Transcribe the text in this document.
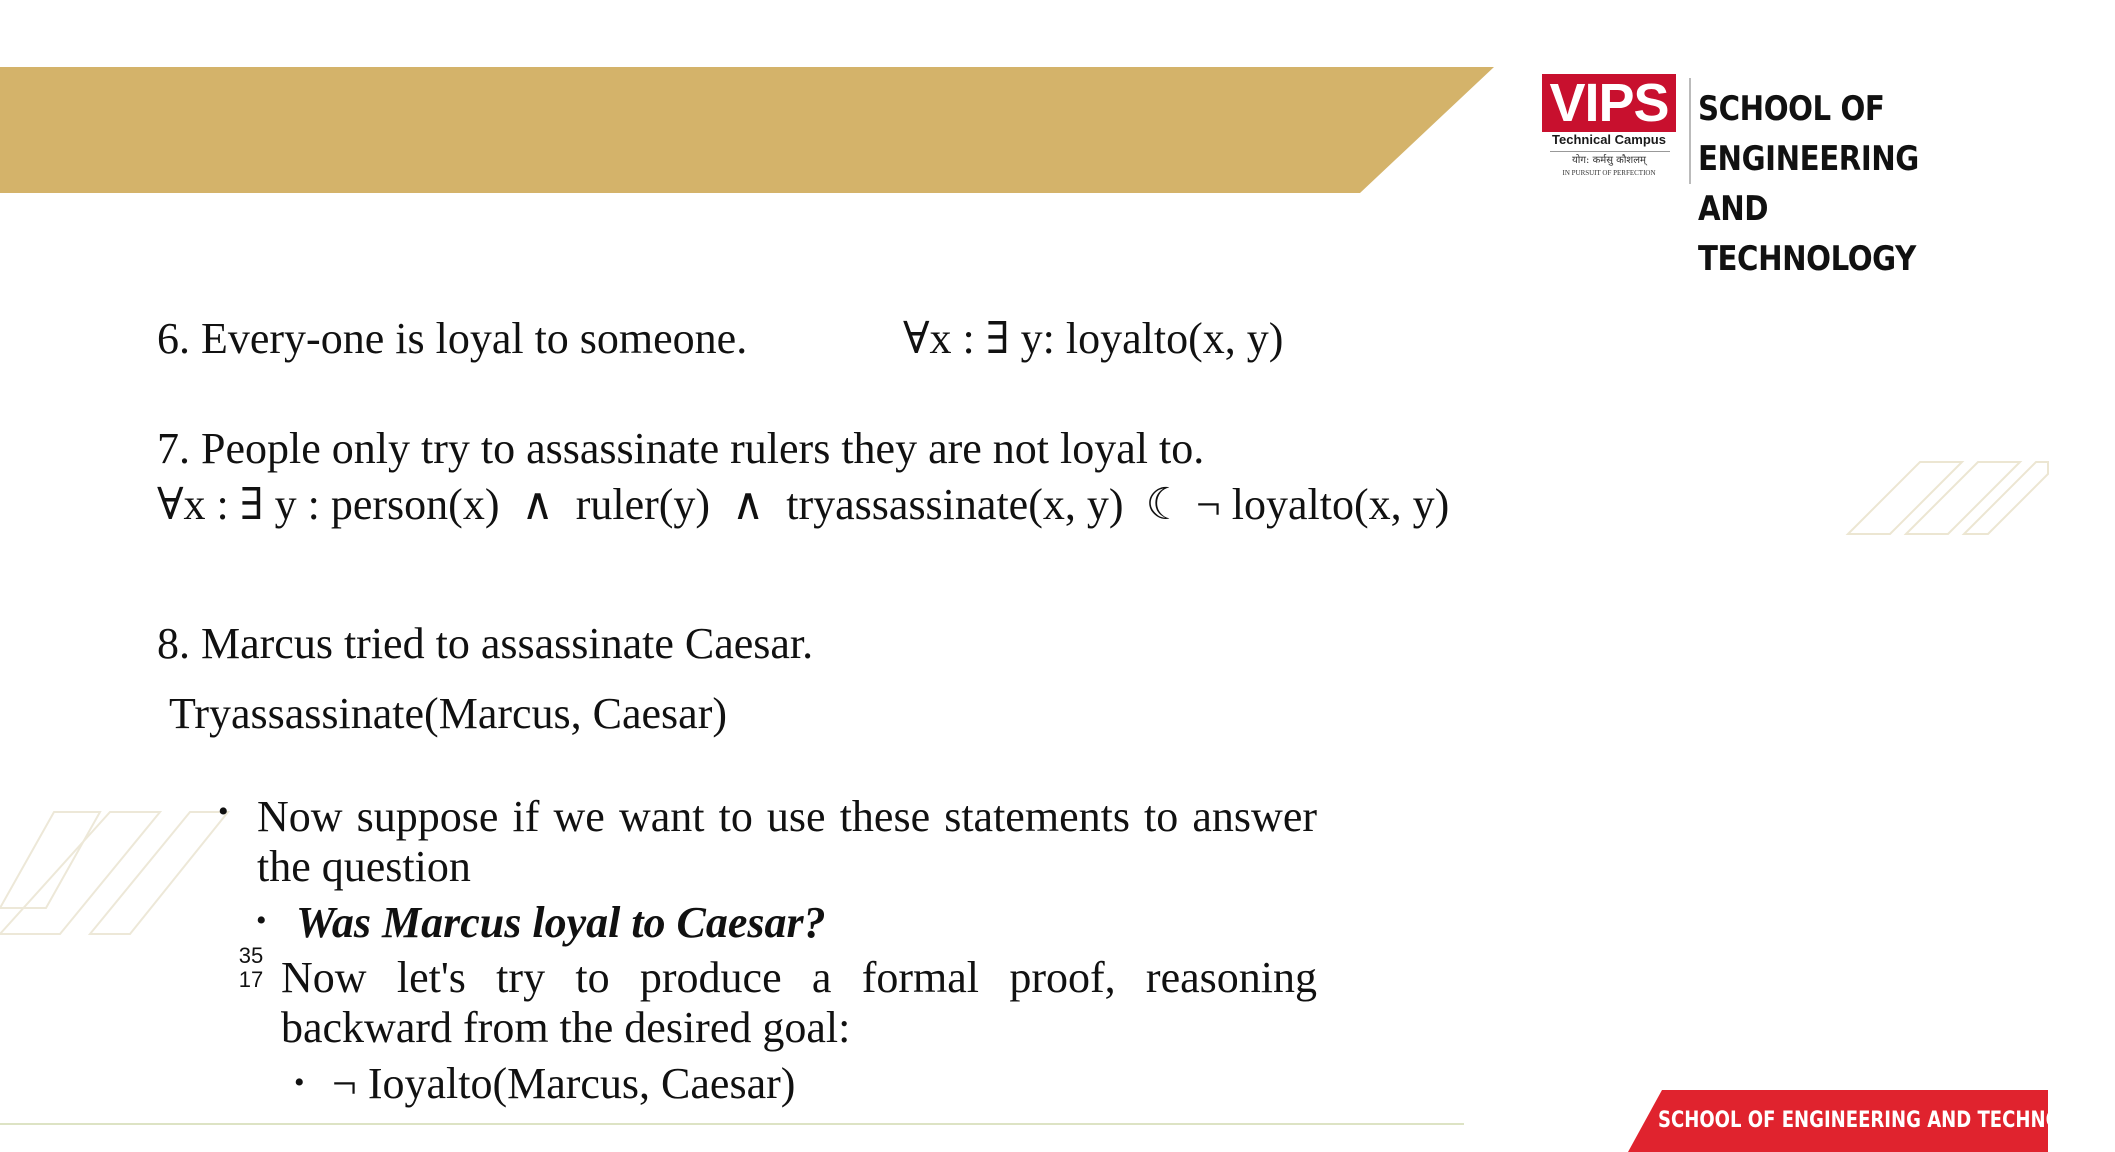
VIPS
Technical Campus
योग: कर्मसु कौशलम्
IN PURSUIT OF PERFECTION
SCHOOL OF ENGINEERING
AND TECHNOLOGY
6. Every-one is loyal to someone.	∀x : ∃ y: loyalto(x, y)
7. People only try to assassinate rulers they are not loyal to.
∀x : ∃ y : person(x)  ∧  ruler(y)  ∧  tryassassinate(x, y)  ☾ ¬ loyalto(x, y)
8. Marcus tried to assassinate Caesar.
Tryassassinate(Marcus, Caesar)
• Now suppose if we want to use these statements to answer the question
• Was Marcus loyal to Caesar?
35
17 Now let's try to produce a formal proof, reasoning backward from the desired goal:
• ¬ Ioyalto(Marcus, Caesar)
SCHOOL OF ENGINEERING AND TECHNOLOGY
